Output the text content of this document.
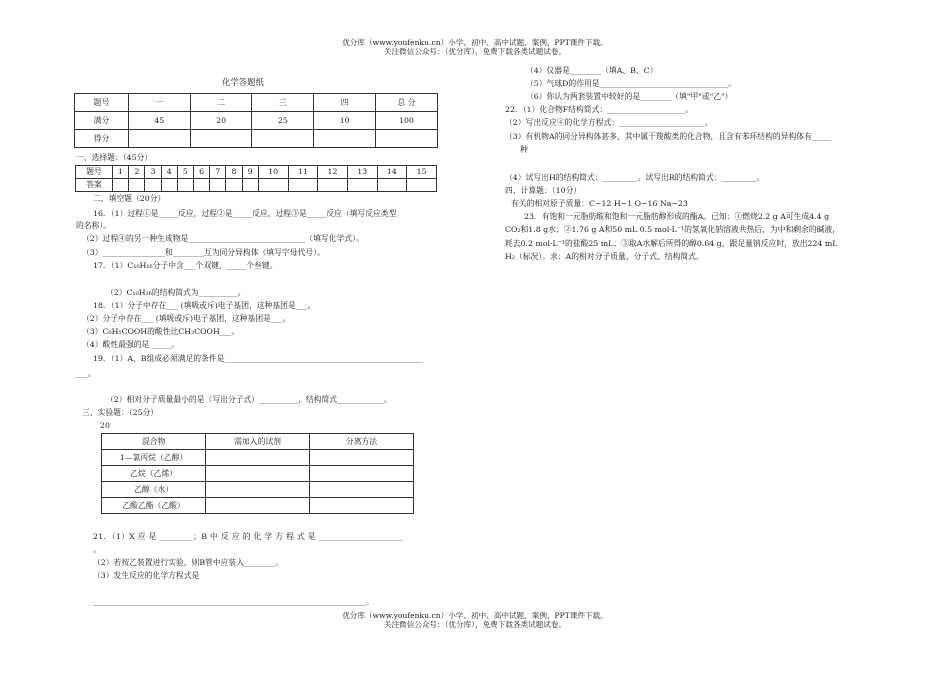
优分库（www.youfenku.cn）小学、初中、高中试题、案例、PPT课件下载。
关注微信公众号：（优分库），免费下载各类试题试卷。
化学答题纸
题号	一	二	三	四	总 分
满分	45	20	25	10	100
得分					
一、选择题：（45分）
题号	1	2	3	4	5	6	7	8	9	10	11	12	13	14	15
答案															
二、填空题（20分）
16．（1）过程①是_____反应，过程②是_____反应，过程③是_____反应（填写反应类型
的名称）。
（2）过程④的另一种生成物是______________________________（填写化学式）。
（3）________________和________互为同分异构体（填写字母代号）。
17．（1）C₁₀H₁₆分子中含___个双键，_____个叁键。
（2）C₁₀H₁₆的结构简式为__________。
18．（1）分子中存在___ (填吸或斥)电子基团，这种基团是___。
（2）分子中存在___ (填吸或斥)电子基团，这种基团是___。
（3）C₆H₅COOH的酸性比CH₃COOH___。
（4）酸性最强的是 _____。
19．（1）A、B组成必须满足的条件是___________________________________________________
___。
（2）相对分子质量最小的是（写出分子式）__________，结构简式____________。
三、实验题：（25分）
20
混合物	需加入的试剂	分离方法
1—氯丙烷（乙醇）		
乙烷（乙烯）		
乙醇（水）		
乙酸乙酯（乙酸）		
21．（1）X 应 是 ________；B 中 反 应 的 化 学 方 程 式 是 ____________________
。
（2）若按乙装置进行实验，则B管中应装入________。
（3）发生反应的化学方程式是
______________________________________________________________________。
（4）仪器是________（填A、B、C）
（5）气球D的作用是_________________________________。
（6）你认为两套装置中较好的是________（填"甲"或"乙"）
22．（1）化合物F结构简式：____________________。
（2）写出反应④的化学方程式：______________________。
（3）有机物A的同分异构体甚多，其中属于羧酸类的化合物，且含有苯环结构的异构体有_____
种
（4）试写出H的结构简式：_________。试写出R的结构简式：_________。
四、计算题：（10分）
有关的相对原子质量：C~12 H~1 O~16 Na~23
23．有饱和一元脂肪酸和饱和一元脂肪醇形成的酯A。已知：①燃烧2.2 g A可生成4.4 g
CO₂和1.8 g水；②1.76 g A和50 mL 0.5 mol·L⁻¹的氢氧化钠溶液共热后，为中和剩余的碱液，
耗去0.2 mol·L⁻¹的盐酸25 mL；③取A水解后所得的醇0.64 g，跟足量钠反应时，放出224 mL
H₂（标况）。求：A的相对分子质量、分子式、结构简式。
优分库（www.youfenku.cn）小学、初中、高中试题、案例、PPT课件下载。
关注微信公众号：（优分库），免费下载各类试题试卷。
